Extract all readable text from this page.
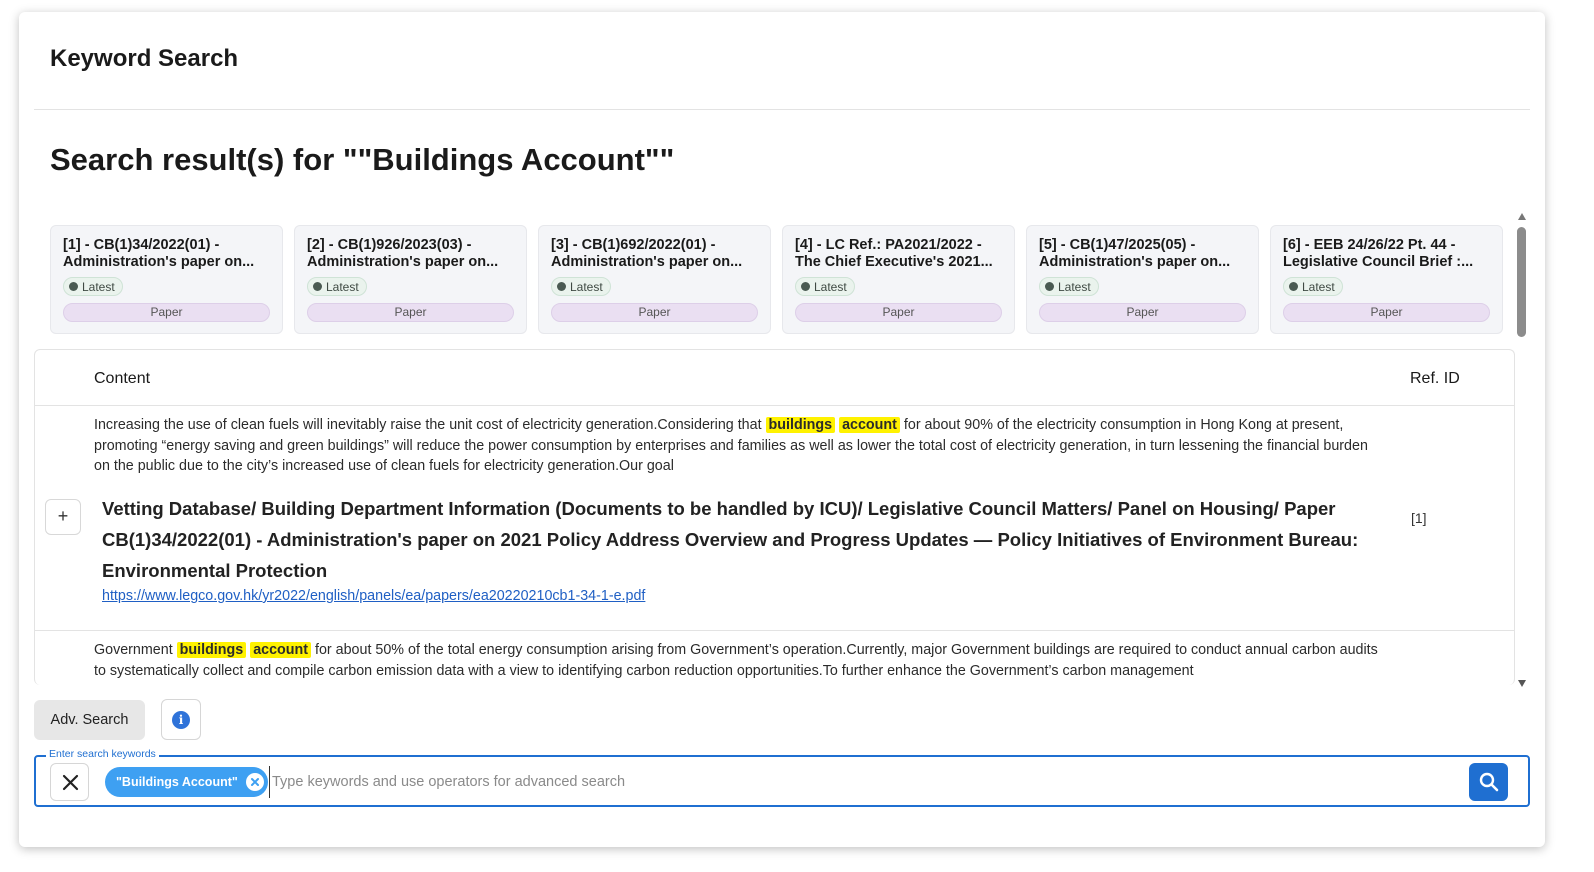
Keyword Search
Search result(s) for ""Buildings Account""
[1] - CB(1)34/2022(01) - Administration's paper on...
Latest
Paper
[2] - CB(1)926/2023(03) - Administration's paper on...
Latest
Paper
[3] - CB(1)692/2022(01) - Administration's paper on...
Latest
Paper
[4] - LC Ref.: PA2021/2022 - The Chief Executive's 2021...
Latest
Paper
[5] - CB(1)47/2025(05) - Administration's paper on...
Latest
Paper
[6] - EEB 24/26/22 Pt. 44 - Legislative Council Brief :...
Latest
Paper
Content	Ref. ID
Increasing the use of clean fuels will inevitably raise the unit cost of electricity generation.Considering that buildings account for about 90% of the electricity consumption in Hong Kong at present, promoting “energy saving and green buildings” will reduce the power consumption by enterprises and families as well as lower the total cost of electricity generation, in turn lessening the financial burden on the public due to the city’s increased use of clean fuels for electricity generation.Our goal
+	Vetting Database/ Building Department Information (Documents to be handled by ICU)/ Legislative Council Matters/ Panel on Housing/ Paper CB(1)34/2022(01) - Administration's paper on 2021 Policy Address Overview and Progress Updates — Policy Initiatives of Environment Bureau: Environmental Protection
https://www.legco.gov.hk/yr2022/english/panels/ea/papers/ea20220210cb1-34-1-e.pdf
[1]
Government buildings account for about 50% of the total energy consumption arising from Government’s operation.Currently, major Government buildings are required to conduct annual carbon audits to systematically collect and compile carbon emission data with a view to identifying carbon reduction opportunities.To further enhance the Government’s carbon management
Adv. Search	i
"Buildings Account"
Type keywords and use operators for advanced search
Enter search keywords
